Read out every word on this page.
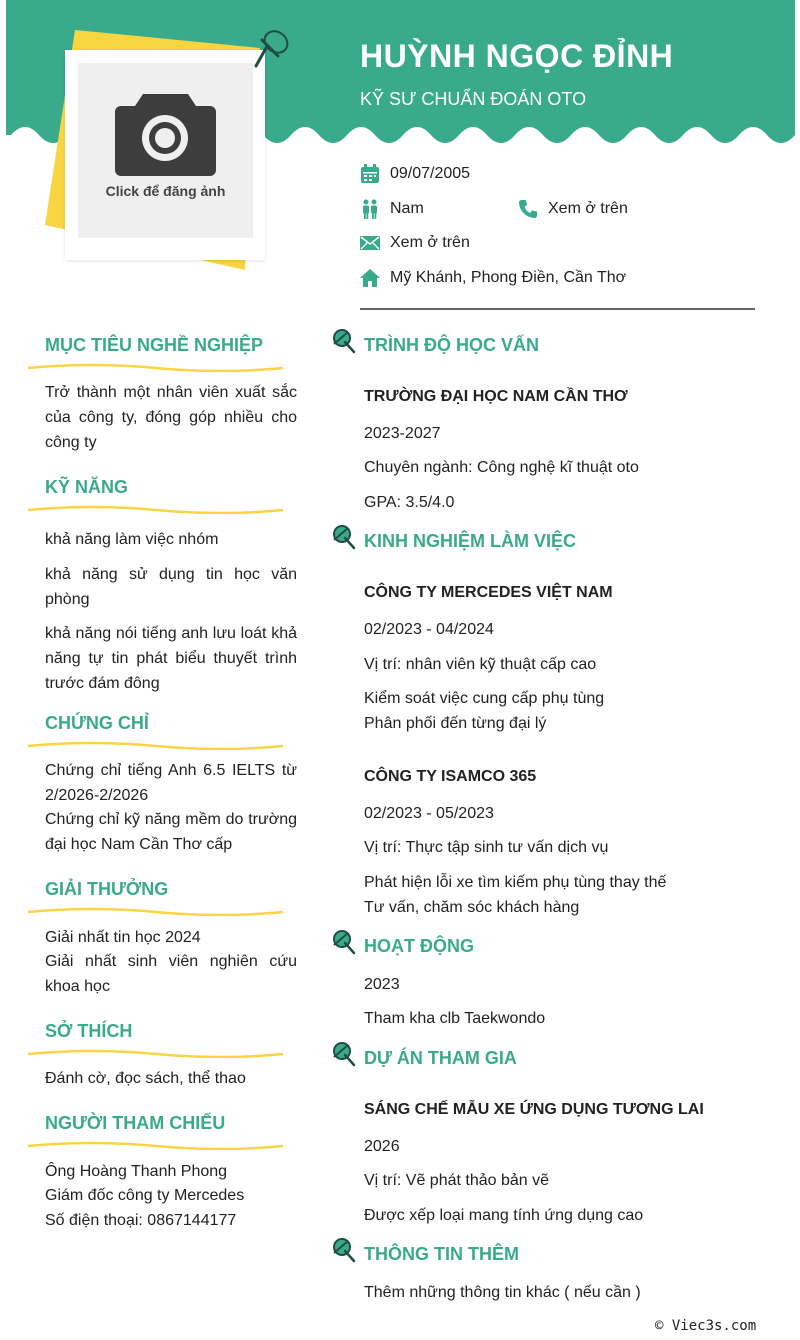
HUỲNH NGỌC ĐỈNH
KỸ SƯ CHUẨN ĐOÁN OTO
Click để đăng ảnh
09/07/2005
Nam	Xem ở trên
Xem ở trên
Mỹ Khánh, Phong Điền, Cần Thơ
MỤC TIÊU NGHỀ NGHIỆP
Trở thành một nhân viên xuất sắc của công ty, đóng góp nhiều cho công ty
KỸ NĂNG
khả năng làm việc nhóm
khả năng sử dụng tin học văn phòng
khả năng nói tiếng anh lưu loát khả năng tự tin phát biểu thuyết trình trước đám đông
CHỨNG CHỈ
Chứng chỉ tiếng Anh 6.5 IELTS từ 2/2026-2/2026
Chứng chỉ kỹ năng mềm do trường đại học Nam Cần Thơ cấp
GIẢI THƯỞNG
Giải nhất tin học 2024
Giải nhất sinh viên nghiên cứu khoa học
SỞ THÍCH
Đánh cờ, đọc sách, thể thao
NGƯỜI THAM CHIẾU
Ông Hoàng Thanh Phong
Giám đốc công ty Mercedes
Số điện thoại: 0867144177
TRÌNH ĐỘ HỌC VẤN
TRƯỜNG ĐẠI HỌC NAM CẦN THƠ
2023-2027
Chuyên ngành: Công nghệ kĩ thuật oto
GPA: 3.5/4.0
KINH NGHIỆM LÀM VIỆC
CÔNG TY MERCEDES VIỆT NAM
02/2023 - 04/2024
Vị trí: nhân viên kỹ thuật cấp cao
Kiểm soát việc cung cấp phụ tùng
Phân phối đến từng đại lý
CÔNG TY ISAMCO 365
02/2023 - 05/2023
Vị trí: Thực tập sinh tư vấn dịch vụ
Phát hiện lỗi xe tìm kiếm phụ tùng thay thế
Tư vấn, chăm sóc khách hàng
HOẠT ĐỘNG
2023
Tham kha clb Taekwondo
DỰ ÁN THAM GIA
SÁNG CHẾ MẪU XE ỨNG DỤNG TƯƠNG LAI
2026
Vị trí: Vẽ phát thảo bản vẽ
Được xếp loại mang tính ứng dụng cao
THÔNG TIN THÊM
Thêm những thông tin khác ( nếu cần )
© Viec3s.com
